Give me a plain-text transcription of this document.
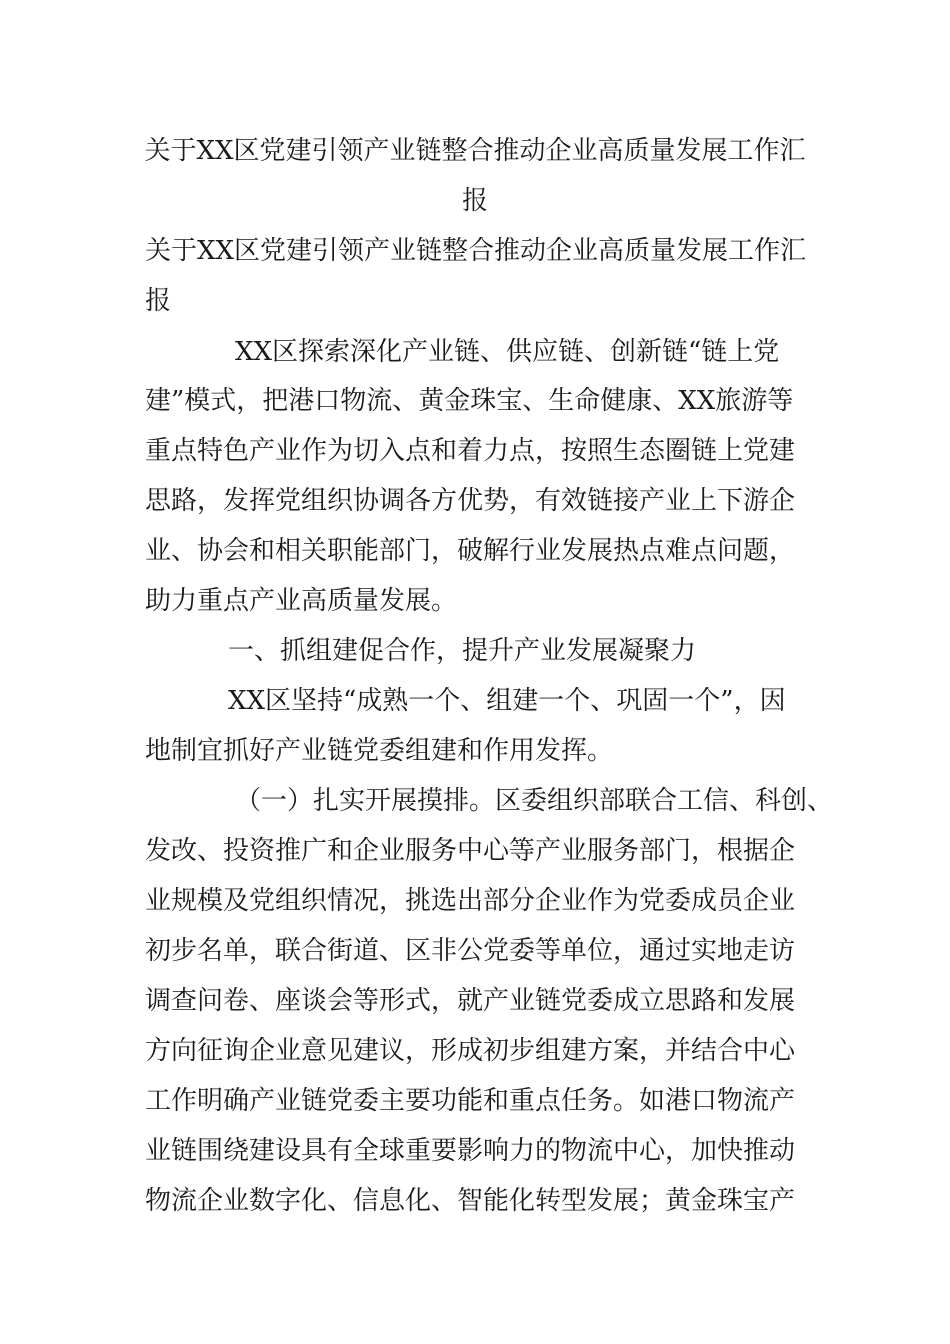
关于XX区党建引领产业链整合推动企业高质量发展工作汇
报
关于XX区党建引领产业链整合推动企业高质量发展工作汇
报
XX区探索深化产业链、供应链、创新链“链上党
建”模式，把港口物流、黄金珠宝、生命健康、XX旅游等
重点特色产业作为切入点和着力点，按照生态圈链上党建
思路，发挥党组织协调各方优势，有效链接产业上下游企
业、协会和相关职能部门，破解行业发展热点难点问题，
助力重点产业高质量发展。
一、抓组建促合作，提升产业发展凝聚力
XX区坚持“成熟一个、组建一个、巩固一个”，因
地制宜抓好产业链党委组建和作用发挥。
（一）扎实开展摸排。区委组织部联合工信、科创、
发改、投资推广和企业服务中心等产业服务部门，根据企
业规模及党组织情况，挑选出部分企业作为党委成员企业
初步名单，联合街道、区非公党委等单位，通过实地走访
调查问卷、座谈会等形式，就产业链党委成立思路和发展
方向征询企业意见建议，形成初步组建方案，并结合中心
工作明确产业链党委主要功能和重点任务。如港口物流产
业链围绕建设具有全球重要影响力的物流中心，加快推动
物流企业数字化、信息化、智能化转型发展；黄金珠宝产
